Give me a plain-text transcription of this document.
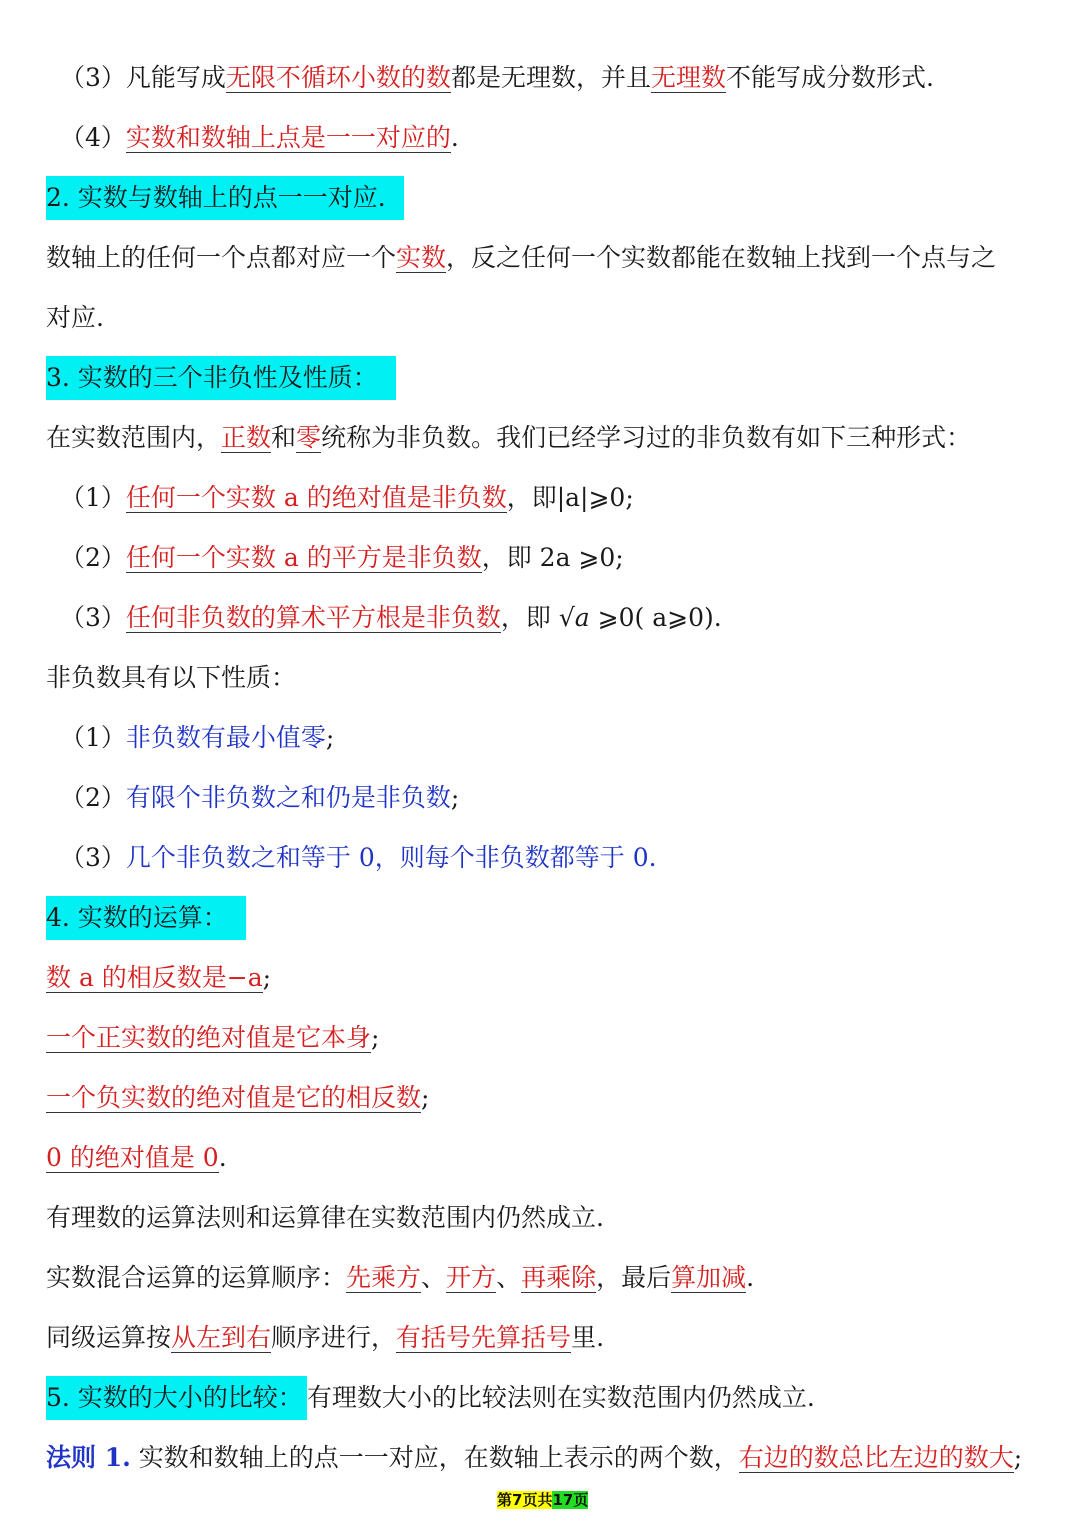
（3）凡能写成无限不循环小数的数都是无理数，并且无理数不能写成分数形式.
（4）实数和数轴上点是一一对应的.
2. 实数与数轴上的点一一对应.
数轴上的任何一个点都对应一个实数，反之任何一个实数都能在数轴上找到一个点与之
对应.
3. 实数的三个非负性及性质：
在实数范围内，正数和零统称为非负数。我们已经学习过的非负数有如下三种形式：
（1）任何一个实数 a 的绝对值是非负数，即|a|⩾0;
（2）任何一个实数 a 的平方是非负数，即 2a ⩾0;
（3）任何非负数的算术平方根是非负数，即 √a ⩾0( a⩾0).
非负数具有以下性质：
（1）非负数有最小值零;
（2）有限个非负数之和仍是非负数;
（3）几个非负数之和等于 0，则每个非负数都等于 0.
4. 实数的运算：
数 a 的相反数是−a;
一个正实数的绝对值是它本身;
一个负实数的绝对值是它的相反数;
0 的绝对值是 0.
有理数的运算法则和运算律在实数范围内仍然成立.
实数混合运算的运算顺序：先乘方、开方、再乘除，最后算加减.
同级运算按从左到右顺序进行，有括号先算括号里.
5. 实数的大小的比较： 有理数大小的比较法则在实数范围内仍然成立.
法则 1. 实数和数轴上的点一一对应，在数轴上表示的两个数，右边的数总比左边的数大;
第7页共17页
